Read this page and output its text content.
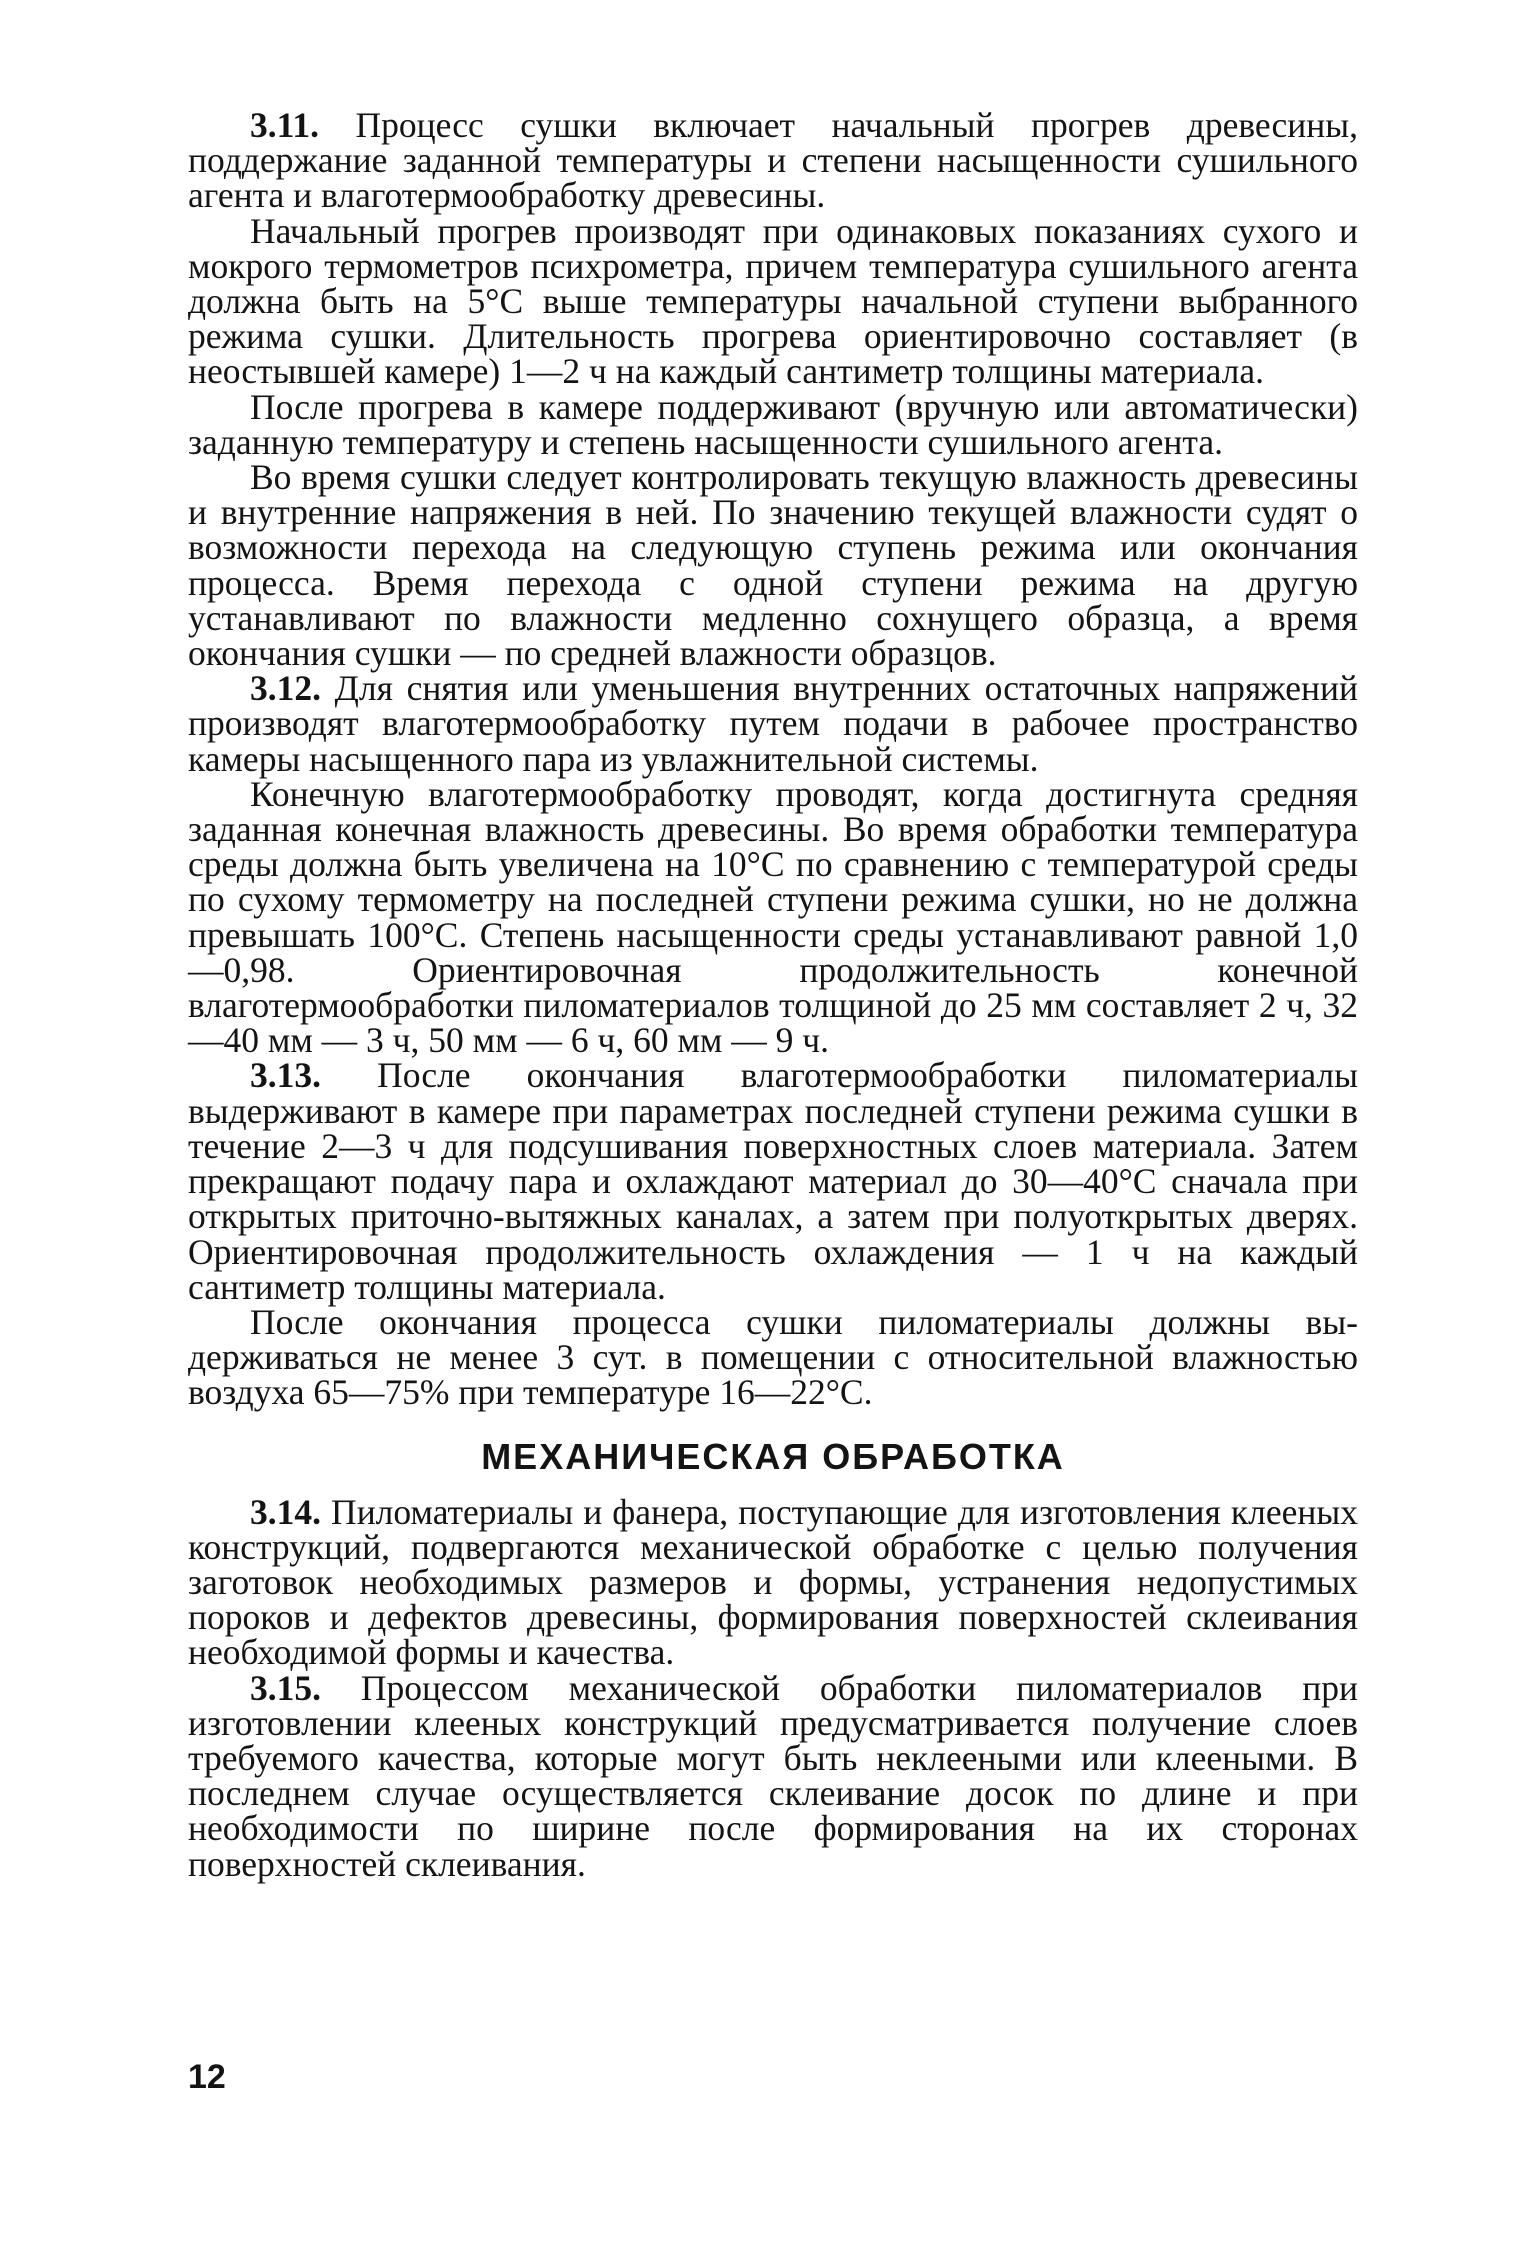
3.11. Процесс сушки включает начальный прогрев древесины, поддержание заданной температуры и степени насыщенности сушильного агента и влаготермообработку древесины.

Начальный прогрев производят при одинаковых показаниях сухого и мокрого термометров психрометра, причем температура сушильного агента должна быть на 5°С выше температуры начальной ступени выбранного режима сушки. Длительность прогрева ориентировочно составляет (в неостывшей камере) 1—2 ч на каждый сантиметр толщины материала.

После прогрева в камере поддерживают (вручную или автоматически) заданную температуру и степень насыщенности сушильного агента.

Во время сушки следует контролировать текущую влажность древесины и внутренние напряжения в ней. По значению текущей влажности судят о возможности перехода на следующую ступень режима или окончания процесса. Время перехода с одной ступени режима на другую устанавливают по влажности медленно сохнущего образца, а время окончания сушки — по средней влажности образцов.

3.12. Для снятия или уменьшения внутренних остаточных напряжений производят влаготермообработку путем подачи в рабочее пространство камеры насыщенного пара из увлажнительной системы.

Конечную влаготермообработку проводят, когда достигнута средняя заданная конечная влажность древесины. Во время обработки температура среды должна быть увеличена на 10°С по сравнению с температурой среды по сухому термометру на последней ступени режима сушки, но не должна превышать 100°С. Степень насыщенности среды устанавливают равной 1,0—0,98. Ориентировочная продолжительность конечной влаготермообработки пиломатериалов толщиной до 25 мм составляет 2 ч, 32—40 мм — 3 ч, 50 мм — 6 ч, 60 мм — 9 ч.

3.13. После окончания влаготермообработки пиломатериалы выдерживают в камере при параметрах последней ступени режима сушки в течение 2—3 ч для подсушивания поверхностных слоев материала. Затем прекращают подачу пара и охлаждают материал до 30—40°С сначала при открытых приточно-вытяжных каналах, а затем при полуоткрытых дверях. Ориентировочная продолжительность охлаждения — 1 ч на каждый сантиметр толщины материала.

После окончания процесса сушки пиломатериалы должны выдерживаться не менее 3 сут. в помещении с относительной влажностью воздуха 65—75% при температуре 16—22°С.

МЕХАНИЧЕСКАЯ ОБРАБОТКА

3.14. Пиломатериалы и фанера, поступающие для изготовления клееных конструкций, подвергаются механической обработке с целью получения заготовок необходимых размеров и формы, устранения недопустимых пороков и дефектов древесины, формирования поверхностей склеивания необходимой формы и качества.

3.15. Процессом механической обработки пиломатериалов при изготовлении клееных конструкций предусматривается получение слоев требуемого качества, которые могут быть неклееными или клееными. В последнем случае осуществляется склеивание досок по длине и при необходимости по ширине после формирования на их сторонах поверхностей склеивания.

12
